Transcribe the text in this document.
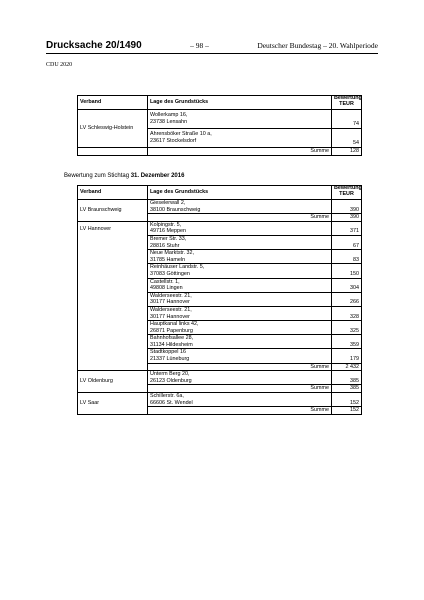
Drucksache 20/1490	– 98 –	Deutscher Bundestag – 20. Wahlperiode
CDU 2020
Verband	Lage des Grundstücks		Bewertung
TEUR

LV Schleswig-Holstein	Wollerkamp 16,
23738 Lensahn		74

	Ahrensböker Straße 10 a,
23617 Stockelsdorf		54
		Summe	128
Bewertung zum Stichtag 31. Dezember 2016
Verband	Lage des Grundstücks		Bewertung
TEUR

LV Braunschweig	Gieselerwall 2,
38100 Braunschweig		390
		Summe	390
LV Hannover	Kolpingstr. 5,
49716 Meppen		371

	Bremer Str. 33,
28816 Stuhr		67

	Neue Marktstr. 32,
31785 Hameln		83

	Reinhäuser Landstr. 5,
37083 Göttingen		150

	Castellstr. 1,
49808 Lingen		304

	Walderseestr. 21,
30177 Hannover		266

	Walderseestr. 21,
30177 Hannover		328

	Hauptkanal links 42,
26871 Papenburg		325

	Bahnhofsallee 28,
31134 Hildesheim		359

	Stadtkoppel 16
21337 Lüneburg		179
		Summe	2 432
LV Oldenburg	Unterm Berg 20,
26123 Oldenburg		385
		Summe	385
LV Saar	Schillerstr. 6a,
66606 St. Wendel		152
		Summe	152
